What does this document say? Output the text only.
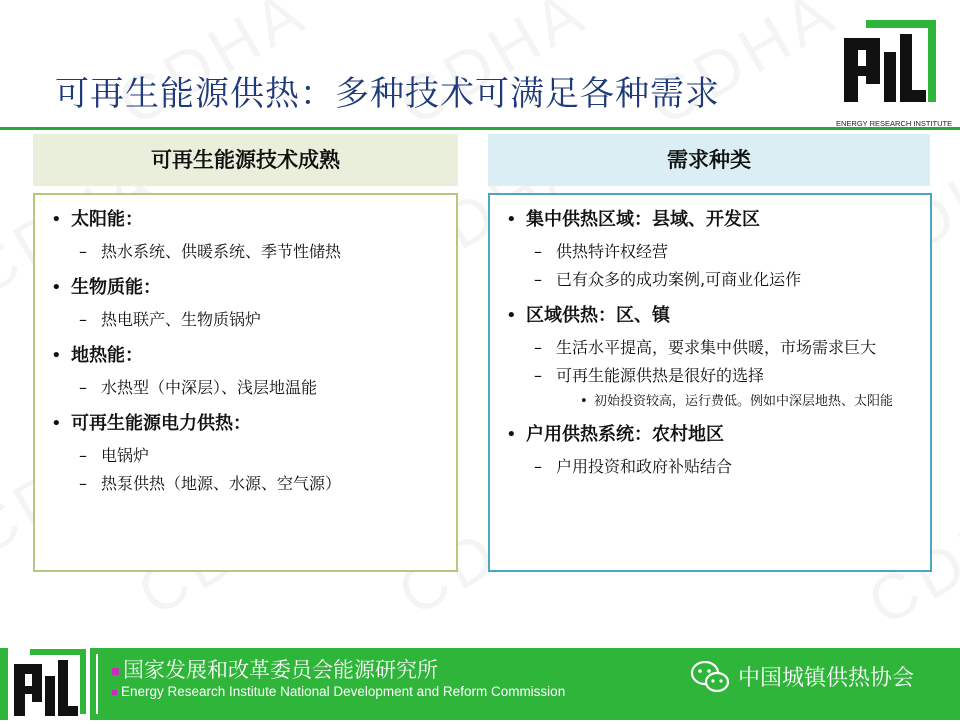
可再生能源供热：多种技术可满足各种需求
ENERGY RESEARCH INSTITUTE
可再生能源技术成熟
• 太阳能：
– 热水系统、供暖系统、季节性储热
• 生物质能：
– 热电联产、生物质锅炉
• 地热能：
– 水热型（中深层）、浅层地温能
• 可再生能源电力供热：
– 电锅炉
– 热泵供热（地源、水源、空气源）
需求种类
• 集中供热区域：县域、开发区
– 供热特许权经营
– 已有众多的成功案例,可商业化运作
• 区域供热：区、镇
– 生活水平提高，要求集中供暖，市场需求巨大
– 可再生能源供热是很好的选择
• 初始投资较高，运行费低。例如中深层地热、太阳能
• 户用供热系统：农村地区
– 户用投资和政府补贴结合
国家发展和改革委员会能源研究所
Energy Research Institute National Development and Reform Commission
中国城镇供热协会
